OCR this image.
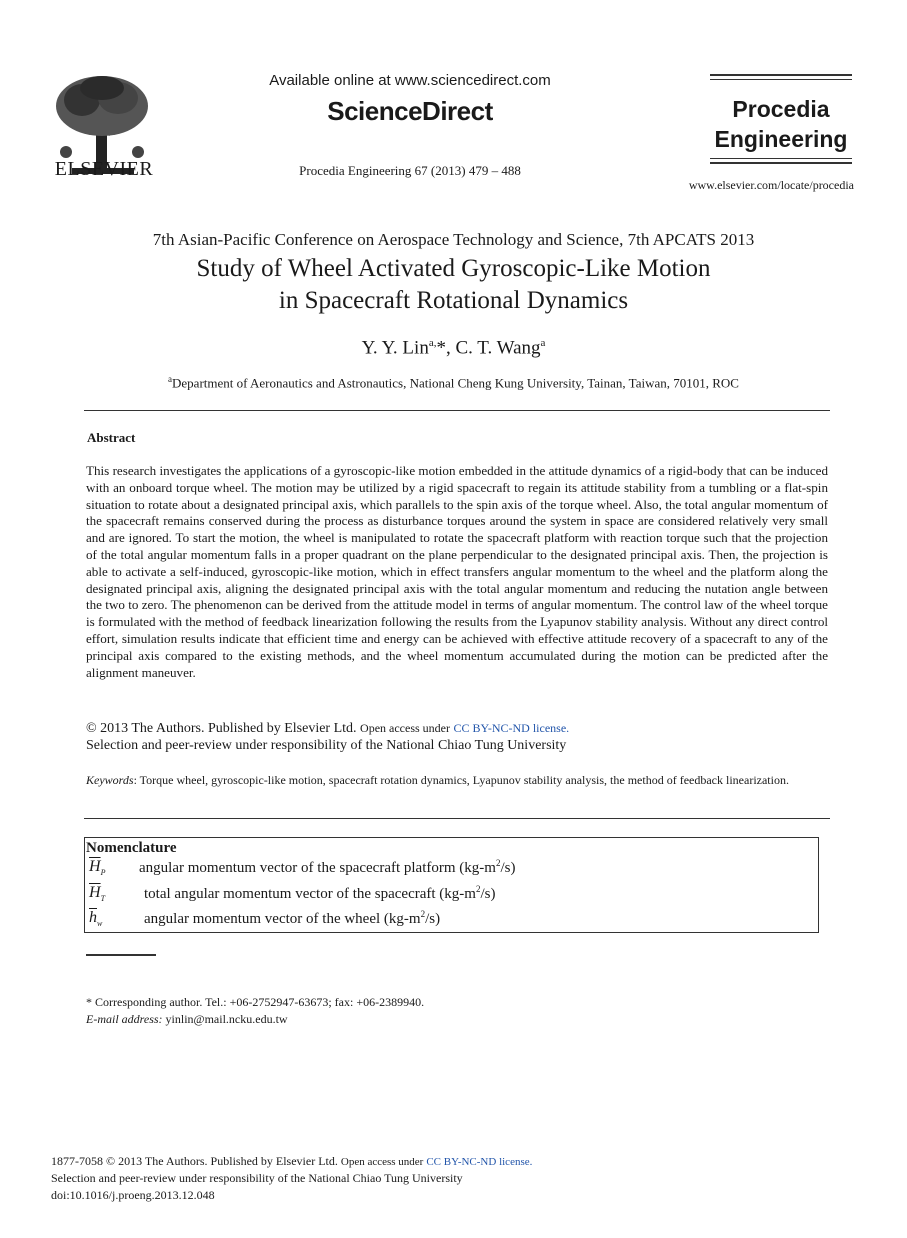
ELSEVIER
Available online at www.sciencedirect.com
ScienceDirect
Procedia Engineering 67 (2013) 479 – 488
Procedia
Engineering
www.elsevier.com/locate/procedia
7th Asian-Pacific Conference on Aerospace Technology and Science, 7th APCATS 2013
Study of Wheel Activated Gyroscopic-Like Motion
in Spacecraft Rotational Dynamics
Y. Y. Lin$^{a,}$*, C. T. Wang$^a$
$^a$Department of Aeronautics and Astronautics, National Cheng Kung University, Tainan, Taiwan, 70101, ROC
Abstract
This research investigates the applications of a gyroscopic-like motion embedded in the attitude dynamics of a rigid-body that can be induced with an onboard torque wheel. The motion may be utilized by a rigid spacecraft to regain its attitude stability from a tumbling or a flat-spin situation to rotate about a designated principal axis, which parallels to the spin axis of the torque wheel. Also, the total angular momentum of the spacecraft remains conserved during the process as disturbance torques around the system in space are considered relatively very small and are ignored. To start the motion, the wheel is manipulated to rotate the spacecraft platform with reaction torque such that the projection of the total angular momentum falls in a proper quadrant on the plane perpendicular to the designated principal axis. Then, the projection is able to activate a self-induced, gyroscopic-like motion, which in effect transfers angular momentum to the wheel and the platform along the designated principal axis, aligning the designated principal axis with the total angular momentum and reducing the nutation angle between the two to zero. The phenomenon can be derived from the attitude model in terms of angular momentum. The control law of the wheel torque is formulated with the method of feedback linearization following the results from the Lyapunov stability analysis. Without any direct control effort, simulation results indicate that efficient time and energy can be achieved with effective attitude recovery of a spacecraft to any of the principal axis compared to the existing methods, and the wheel momentum accumulated during the motion can be predicted after the alignment maneuver.
© 2013 The Authors. Published by Elsevier Ltd. Open access under CC BY-NC-ND license.
Selection and peer-review under responsibility of the National Chiao Tung University
Keywords: Torque wheel, gyroscopic-like motion, spacecraft rotation dynamics, Lyapunov stability analysis, the method of feedback linearization.
Nomenclature
$\overline{H}_P$ angular momentum vector of the spacecraft platform $(kg-m^2/s)$
$\overline{H}_T$	total angular momentum vector of the spacecraft $(kg-m^2/s)$
$\overline{h}_w$	angular momentum vector of the wheel $(kg-m^2/s)$
* Corresponding author. Tel.: +06-2752947-63673; fax: +06-2389940.
E-mail address: yinlin@mail.ncku.edu.tw
1877-7058 © 2013 The Authors. Published by Elsevier Ltd. Open access under CC BY-NC-ND license.
Selection and peer-review under responsibility of the National Chiao Tung University
doi:10.1016/j.proeng.2013.12.048
